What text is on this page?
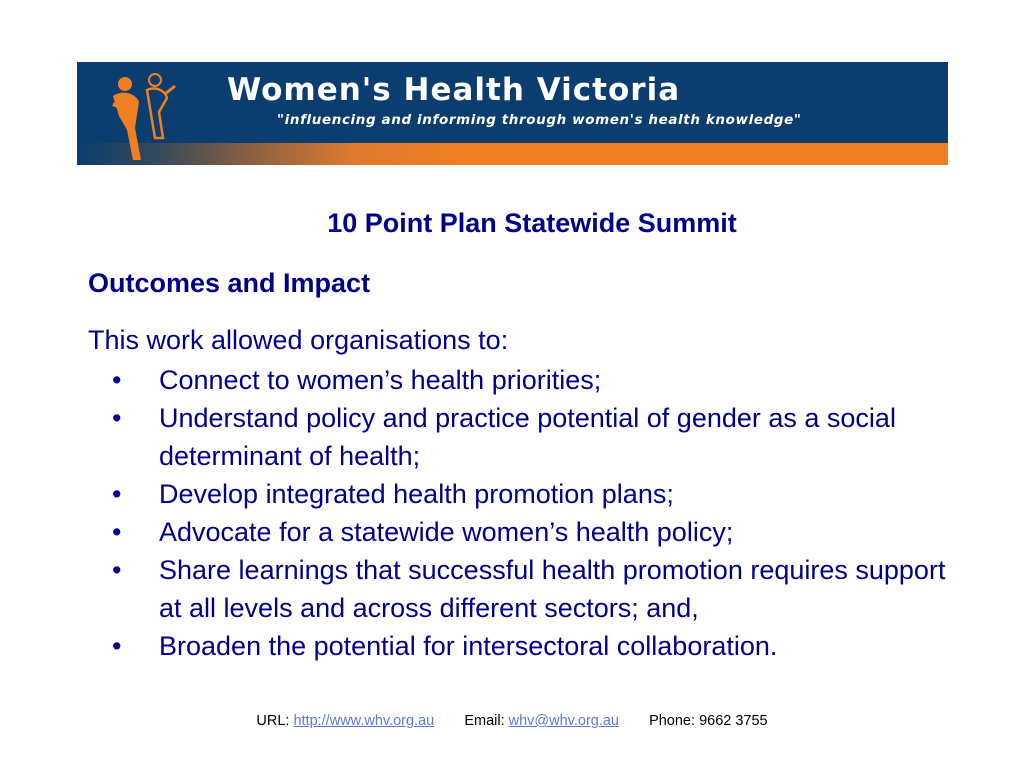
Women's Health Victoria
"influencing and informing through women's health knowledge"
10 Point Plan Statewide Summit
Outcomes and Impact
This work allowed organisations to:
• Connect to women’s health priorities;
• Understand policy and practice potential of gender as a social determinant of health;
• Develop integrated health promotion plans;
• Advocate for a statewide women’s health policy;
• Share learnings that successful health promotion requires support at all levels and across different sectors; and,
• Broaden the potential for intersectoral collaboration.
URL: http://www.whv.org.au Email: whv@whv.org.au Phone: 9662 3755
